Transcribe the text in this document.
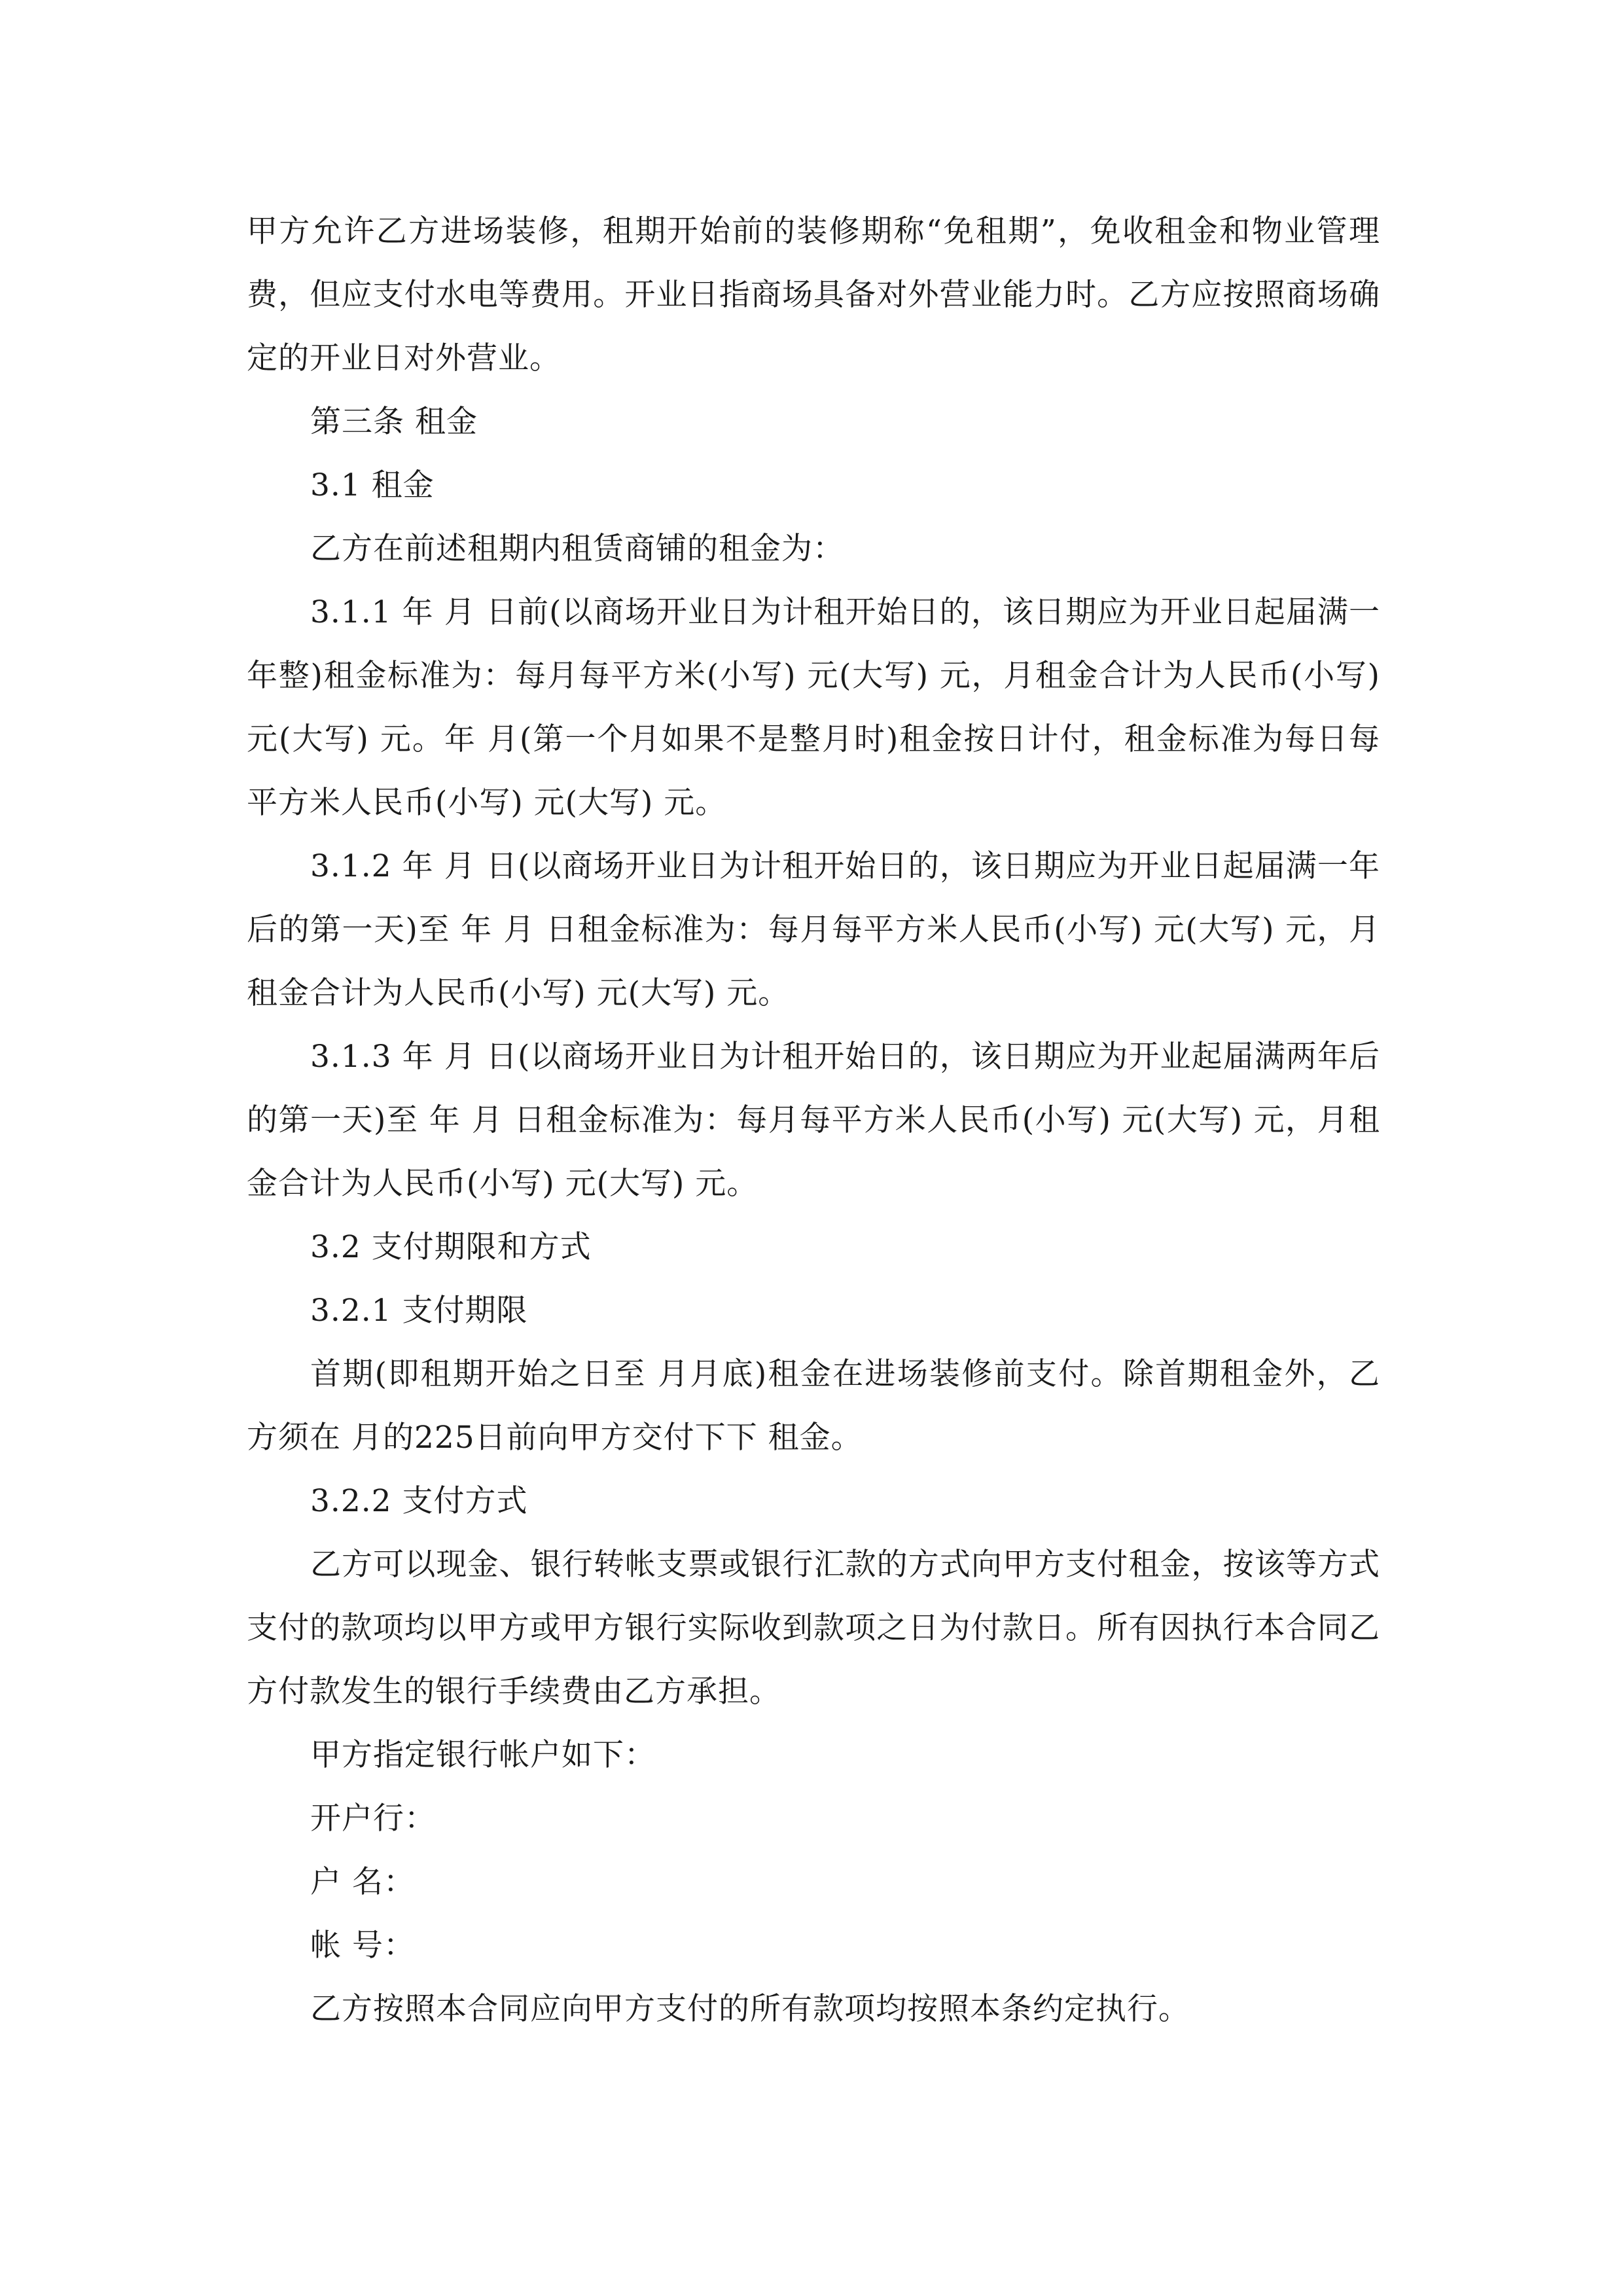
甲方允许乙方进场装修，租期开始前的装修期称“免租期”，免收租金和物业管理费，但应支付水电等费用。开业日指商场具备对外营业能力时。乙方应按照商场确定的开业日对外营业。

第三条 租金

3.1 租金

乙方在前述租期内租赁商铺的租金为：

3.1.1 年 月 日前(以商场开业日为计租开始日的，该日期应为开业日起届满一年整)租金标准为：每月每平方米(小写) 元(大写) 元，月租金合计为人民币(小写) 元(大写) 元。年 月(第一个月如果不是整月时)租金按日计付，租金标准为每日每平方米人民币(小写) 元(大写) 元。

3.1.2 年 月 日(以商场开业日为计租开始日的，该日期应为开业日起届满一年后的第一天)至 年 月 日租金标准为：每月每平方米人民币(小写) 元(大写) 元，月租金合计为人民币(小写) 元(大写) 元。

3.1.3 年 月 日(以商场开业日为计租开始日的，该日期应为开业起届满两年后的第一天)至 年 月 日租金标准为：每月每平方米人民币(小写) 元(大写) 元，月租金合计为人民币(小写) 元(大写) 元。

3.2 支付期限和方式

3.2.1 支付期限

首期(即租期开始之日至 月月底)租金在进场装修前支付。除首期租金外，乙方须在 月的225日前向甲方交付下下 租金。

3.2.2 支付方式

乙方可以现金、银行转帐支票或银行汇款的方式向甲方支付租金，按该等方式支付的款项均以甲方或甲方银行实际收到款项之日为付款日。所有因执行本合同乙方付款发生的银行手续费由乙方承担。

甲方指定银行帐户如下：

开户行：

户 名：

帐 号：

乙方按照本合同应向甲方支付的所有款项均按照本条约定执行。
